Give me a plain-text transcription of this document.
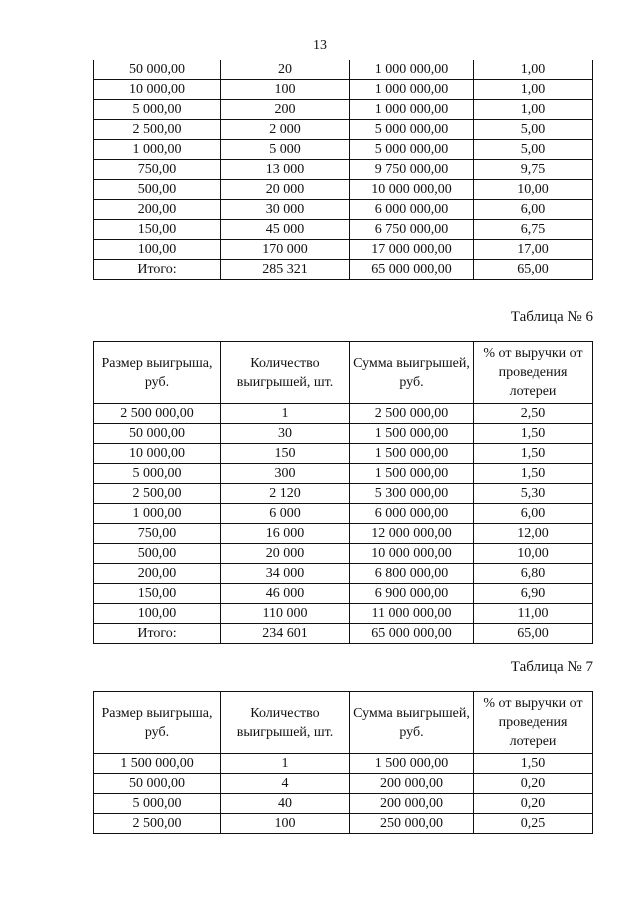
13
50 000,00	20	1 000 000,00	1,00
10 000,00	100	1 000 000,00	1,00
5 000,00	200	1 000 000,00	1,00
2 500,00	2 000	5 000 000,00	5,00
1 000,00	5 000	5 000 000,00	5,00
750,00	13 000	9 750 000,00	9,75
500,00	20 000	10 000 000,00	10,00
200,00	30 000	6 000 000,00	6,00
150,00	45 000	6 750 000,00	6,75
100,00	170 000	17 000 000,00	17,00
Итого:	285 321	65 000 000,00	65,00
Таблица № 6
Размер выигрыша, руб.	Количество выигрышей, шт.	Сумма выигрышей, руб.	% от выручки от проведения лотереи
2 500 000,00	1	2 500 000,00	2,50
50 000,00	30	1 500 000,00	1,50
10 000,00	150	1 500 000,00	1,50
5 000,00	300	1 500 000,00	1,50
2 500,00	2 120	5 300 000,00	5,30
1 000,00	6 000	6 000 000,00	6,00
750,00	16 000	12 000 000,00	12,00
500,00	20 000	10 000 000,00	10,00
200,00	34 000	6 800 000,00	6,80
150,00	46 000	6 900 000,00	6,90
100,00	110 000	11 000 000,00	11,00
Итого:	234 601	65 000 000,00	65,00
Таблица № 7
Размер выигрыша, руб.	Количество выигрышей, шт.	Сумма выигрышей, руб.	% от выручки от проведения лотереи
1 500 000,00	1	1 500 000,00	1,50
50 000,00	4	200 000,00	0,20
5 000,00	40	200 000,00	0,20
2 500,00	100	250 000,00	0,25
